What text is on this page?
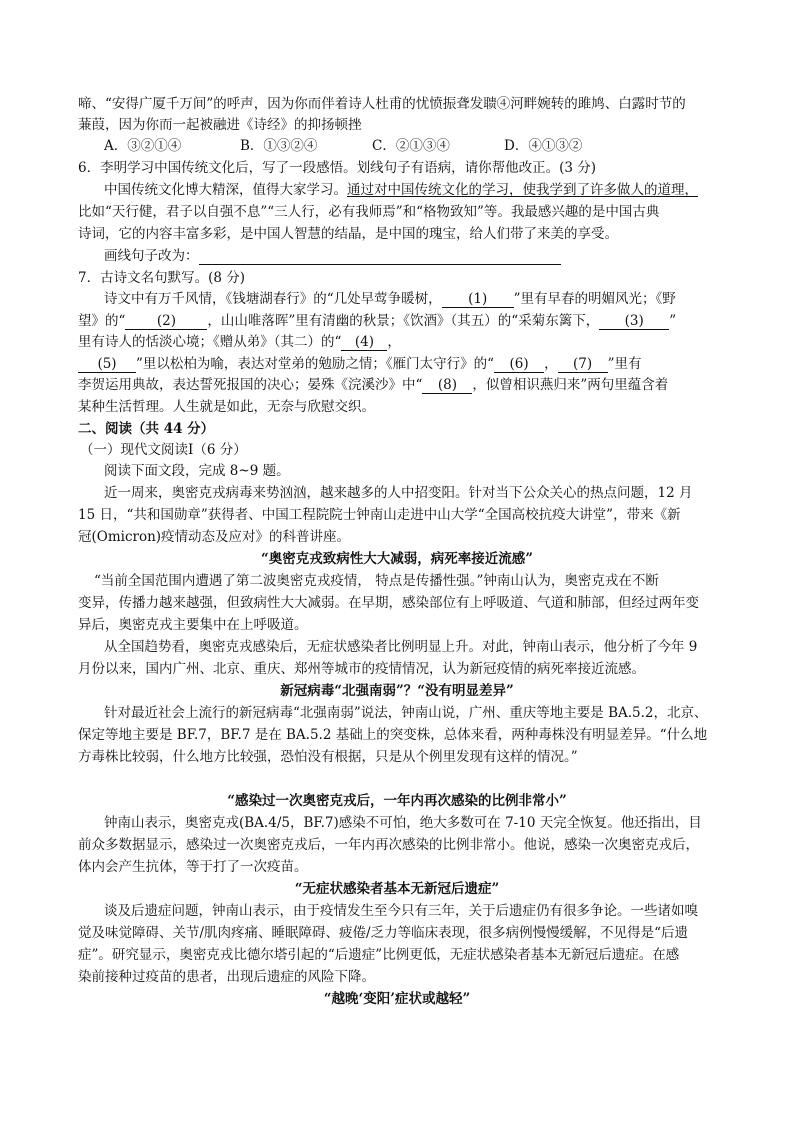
啼、“安得广厦千万间”的呼声，因为你而伴着诗人杜甫的忧愤振聋发聩④河畔婉转的雎鸠、白露时节的
蒹葭，因为你而一起被融进《诗经》的抑扬顿挫
A．③②①④	B．①③②④	C．②①③④	D．④①③②
6．李明学习中国传统文化后，写了一段感悟。划线句子有语病，请你帮他改正。(3 分)
中国传统文化博大精深，值得大家学习。通过对中国传统文化的学习，使我学到了许多做人的道理，
比如“天行健，君子以自强不息”“三人行，必有我师焉”和“格物致知”等。我最感兴趣的是中国古典
诗词，它的内容丰富多彩，是中国人智慧的结晶，是中国的瑰宝，给人们带了来美的享受。
画线句子改为：
7．古诗文名句默写。(8 分)
诗文中有万千风情，《钱塘湖春行》的“几处早莺争暖树， (1) ”里有早春的明媚风光；《野
望》的“ (2) ，山山唯落晖”里有清幽的秋景；《饮酒》（其五）的“采菊东篱下， (3) ”
里有诗人的恬淡心境；《赠从弟》（其二）的“ (4) ，
(5) ”里以松柏为喻，表达对堂弟的勉励之情；《雁门太守行》的“ (6) ， (7) ”里有
李贺运用典故，表达誓死报国的决心；晏殊《浣溪沙》中“ (8) ，似曾相识燕归来”两句里蕴含着
某种生活哲理。人生就是如此，无奈与欣慰交织。
二、阅读（共 44 分）
（一）现代文阅读Ⅰ（6 分）
阅读下面文段，完成 8~9 题。
近一周来，奥密克戎病毒来势汹汹，越来越多的人中招变阳。针对当下公众关心的热点问题，12 月
15 日，“共和国勋章”获得者、中国工程院院士钟南山走进中山大学“全国高校抗疫大讲堂”，带来《新
冠(Omicron)疫情动态及应对》的科普讲座。
“奥密克戎致病性大大减弱，病死率接近流感”
“当前全国范围内遭遇了第二波奥密克戎疫情， 特点是传播性强。”钟南山认为，奥密克戎在不断
变异，传播力越来越强，但致病性大大减弱。在早期，感染部位有上呼吸道、气道和肺部，但经过两年变
异后，奥密克戎主要集中在上呼吸道。
从全国趋势看，奥密克戎感染后，无症状感染者比例明显上升。对此，钟南山表示，他分析了今年 9
月份以来，国内广州、北京、重庆、郑州等城市的疫情情况，认为新冠疫情的病死率接近流感。
新冠病毒“北强南弱”？“没有明显差异”
针对最近社会上流行的新冠病毒“北强南弱”说法，钟南山说，广州、重庆等地主要是 BA.5.2，北京、
保定等地主要是 BF.7，BF.7 是在 BA.5.2 基础上的突变株，总体来看，两种毒株没有明显差异。“什么地
方毒株比较弱，什么地方比较强，恐怕没有根据，只是从个例里发现有这样的情况。”
“感染过一次奥密克戎后，一年内再次感染的比例非常小”
钟南山表示，奥密克戎(BA.4/5，BF.7)感染不可怕，绝大多数可在 7-10 天完全恢复。他还指出，目
前众多数据显示，感染过一次奥密克戎后，一年内再次感染的比例非常小。他说，感染一次奥密克戎后，
体内会产生抗体，等于打了一次疫苗。
“无症状感染者基本无新冠后遗症”
谈及后遗症问题，钟南山表示，由于疫情发生至今只有三年，关于后遗症仍有很多争论。一些诸如嗅
觉及味觉障碍、关节/肌肉疼痛、睡眠障碍、疲倦/乏力等临床表现，很多病例慢慢缓解，不见得是“后遗
症”。研究显示，奥密克戎比德尔塔引起的“后遗症”比例更低，无症状感染者基本无新冠后遗症。在感
染前接种过疫苗的患者，出现后遗症的风险下降。
“越晚‘变阳’症状或越轻”
